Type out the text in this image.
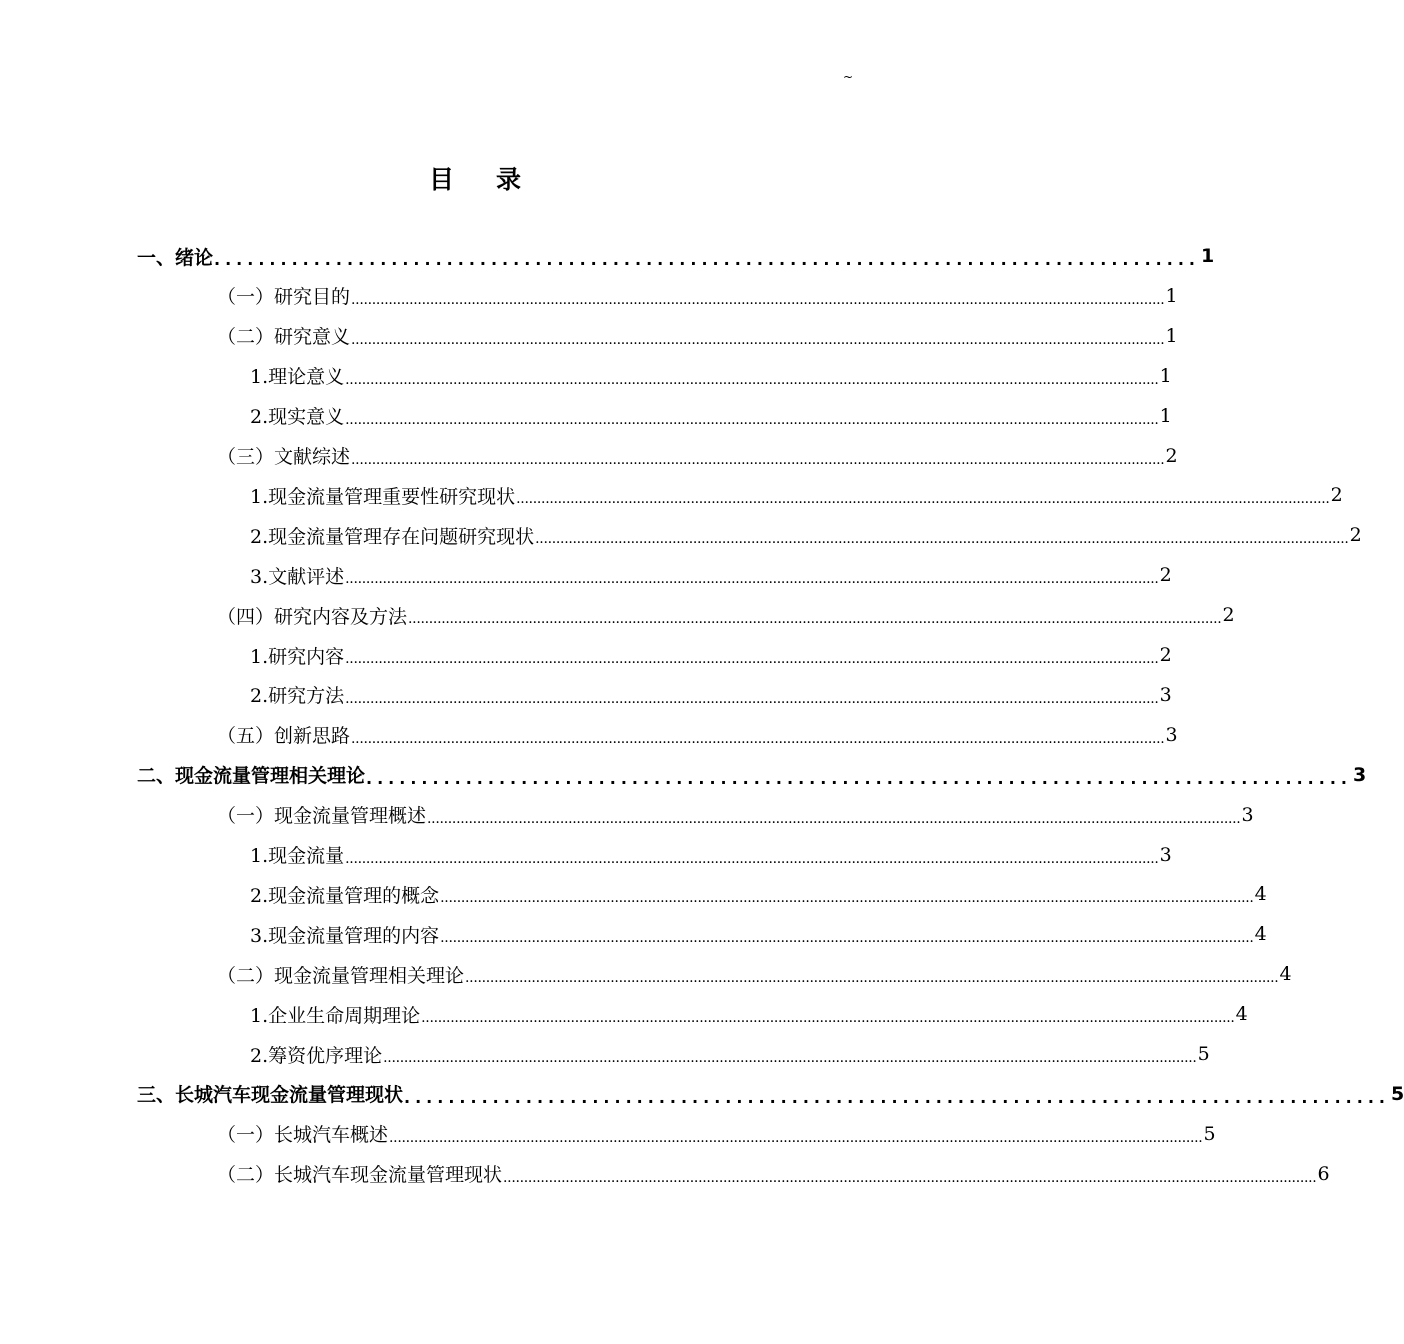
~
目 录
一、绪论 ......................................................................................... 1
（一）研究目的 .................................................................................................................................................................................................... 1
（二）研究意义 .................................................................................................................................................................................................... 1
1.理论意义 .................................................................................................................................................................................................... 1
2.现实意义 .................................................................................................................................................................................................... 1
（三）文献综述 .................................................................................................................................................................................................... 2
1.现金流量管理重要性研究现状 .................................................................................................................................................................................................... 2
2.现金流量管理存在问题研究现状 .................................................................................................................................................................................................... 2
3.文献评述 .................................................................................................................................................................................................... 2
（四）研究内容及方法 .................................................................................................................................................................................................... 2
1.研究内容 .................................................................................................................................................................................................... 2
2.研究方法 .................................................................................................................................................................................................... 3
（五）创新思路 .................................................................................................................................................................................................... 3
二、现金流量管理相关理论 ......................................................................................... 3
（一）现金流量管理概述 .................................................................................................................................................................................................... 3
1.现金流量 .................................................................................................................................................................................................... 3
2.现金流量管理的概念 .................................................................................................................................................................................................... 4
3.现金流量管理的内容 .................................................................................................................................................................................................... 4
（二）现金流量管理相关理论 .................................................................................................................................................................................................... 4
1.企业生命周期理论 .................................................................................................................................................................................................... 4
2.筹资优序理论 .................................................................................................................................................................................................... 5
三、长城汽车现金流量管理现状 ......................................................................................... 5
（一）长城汽车概述 .................................................................................................................................................................................................... 5
（二）长城汽车现金流量管理现状 .................................................................................................................................................................................................... 6
